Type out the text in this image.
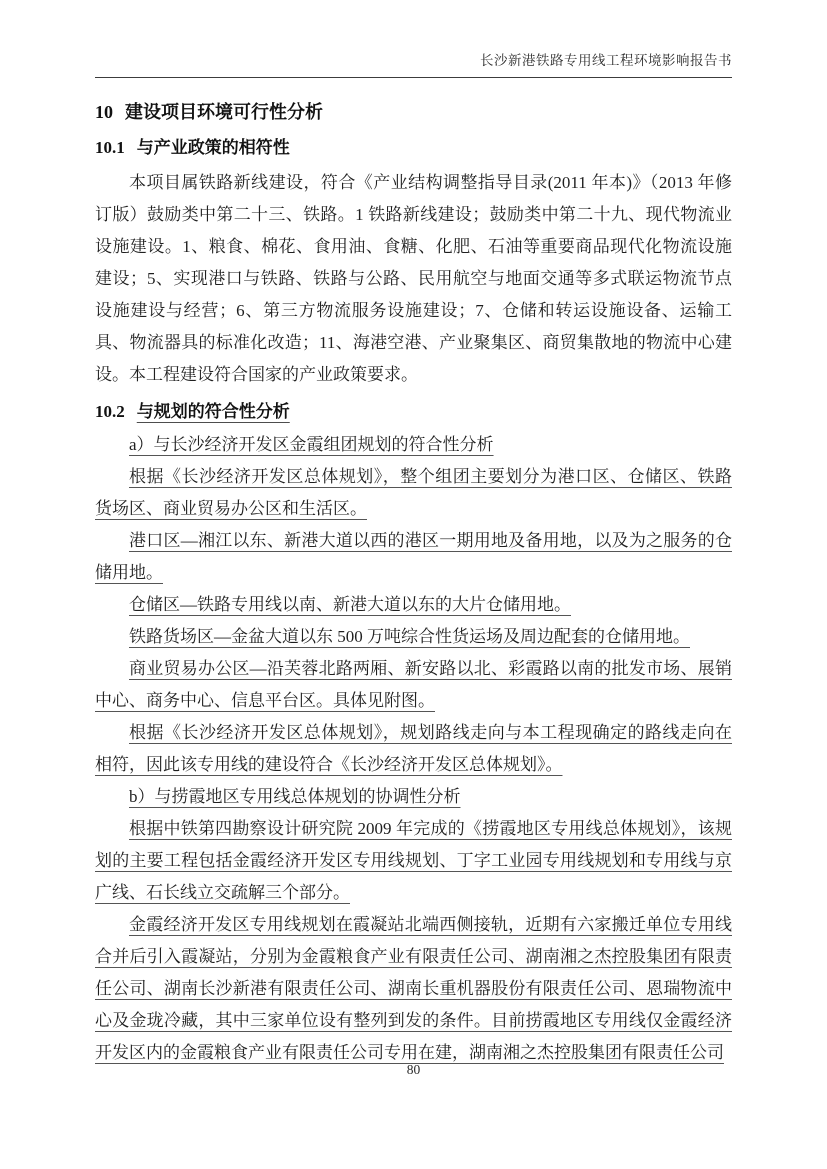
长沙新港铁路专用线工程环境影响报告书
10 建设项目环境可行性分析
10.1 与产业政策的相符性

本项目属铁路新线建设，符合《产业结构调整指导目录(2011 年本)》（2013 年修订版）鼓励类中第二十三、铁路。1 铁路新线建设；鼓励类中第二十九、现代物流业设施建设。1、粮食、棉花、食用油、食糖、化肥、石油等重要商品现代化物流设施建设；5、实现港口与铁路、铁路与公路、民用航空与地面交通等多式联运物流节点设施建设与经营；6、第三方物流服务设施建设；7、仓储和转运设施设备、运输工具、物流器具的标准化改造；11、海港空港、产业聚集区、商贸集散地的物流中心建设。本工程建设符合国家的产业政策要求。

10.2 与规划的符合性分析

a）与长沙经济开发区金霞组团规划的符合性分析

根据《长沙经济开发区总体规划》，整个组团主要划分为港口区、仓储区、铁路货场区、商业贸易办公区和生活区。

港口区—湘江以东、新港大道以西的港区一期用地及备用地，以及为之服务的仓储用地。

仓储区—铁路专用线以南、新港大道以东的大片仓储用地。

铁路货场区—金盆大道以东 500 万吨综合性货运场及周边配套的仓储用地。

商业贸易办公区—沿芙蓉北路两厢、新安路以北、彩霞路以南的批发市场、展销中心、商务中心、信息平台区。具体见附图。

根据《长沙经济开发区总体规划》，规划路线走向与本工程现确定的路线走向在相符，因此该专用线的建设符合《长沙经济开发区总体规划》。

b）与捞霞地区专用线总体规划的协调性分析

根据中铁第四勘察设计研究院 2009 年完成的《捞霞地区专用线总体规划》，该规划的主要工程包括金霞经济开发区专用线规划、丁字工业园专用线规划和专用线与京广线、石长线立交疏解三个部分。

金霞经济开发区专用线规划在霞凝站北端西侧接轨，近期有六家搬迁单位专用线合并后引入霞凝站，分别为金霞粮食产业有限责任公司、湖南湘之杰控股集团有限责任公司、湖南长沙新港有限责任公司、湖南长重机器股份有限责任公司、恩瑞物流中心及金珑冷藏，其中三家单位设有整列到发的条件。目前捞霞地区专用线仅金霞经济开发区内的金霞粮食产业有限责任公司专用在建，湖南湘之杰控股集团有限责任公司

80
